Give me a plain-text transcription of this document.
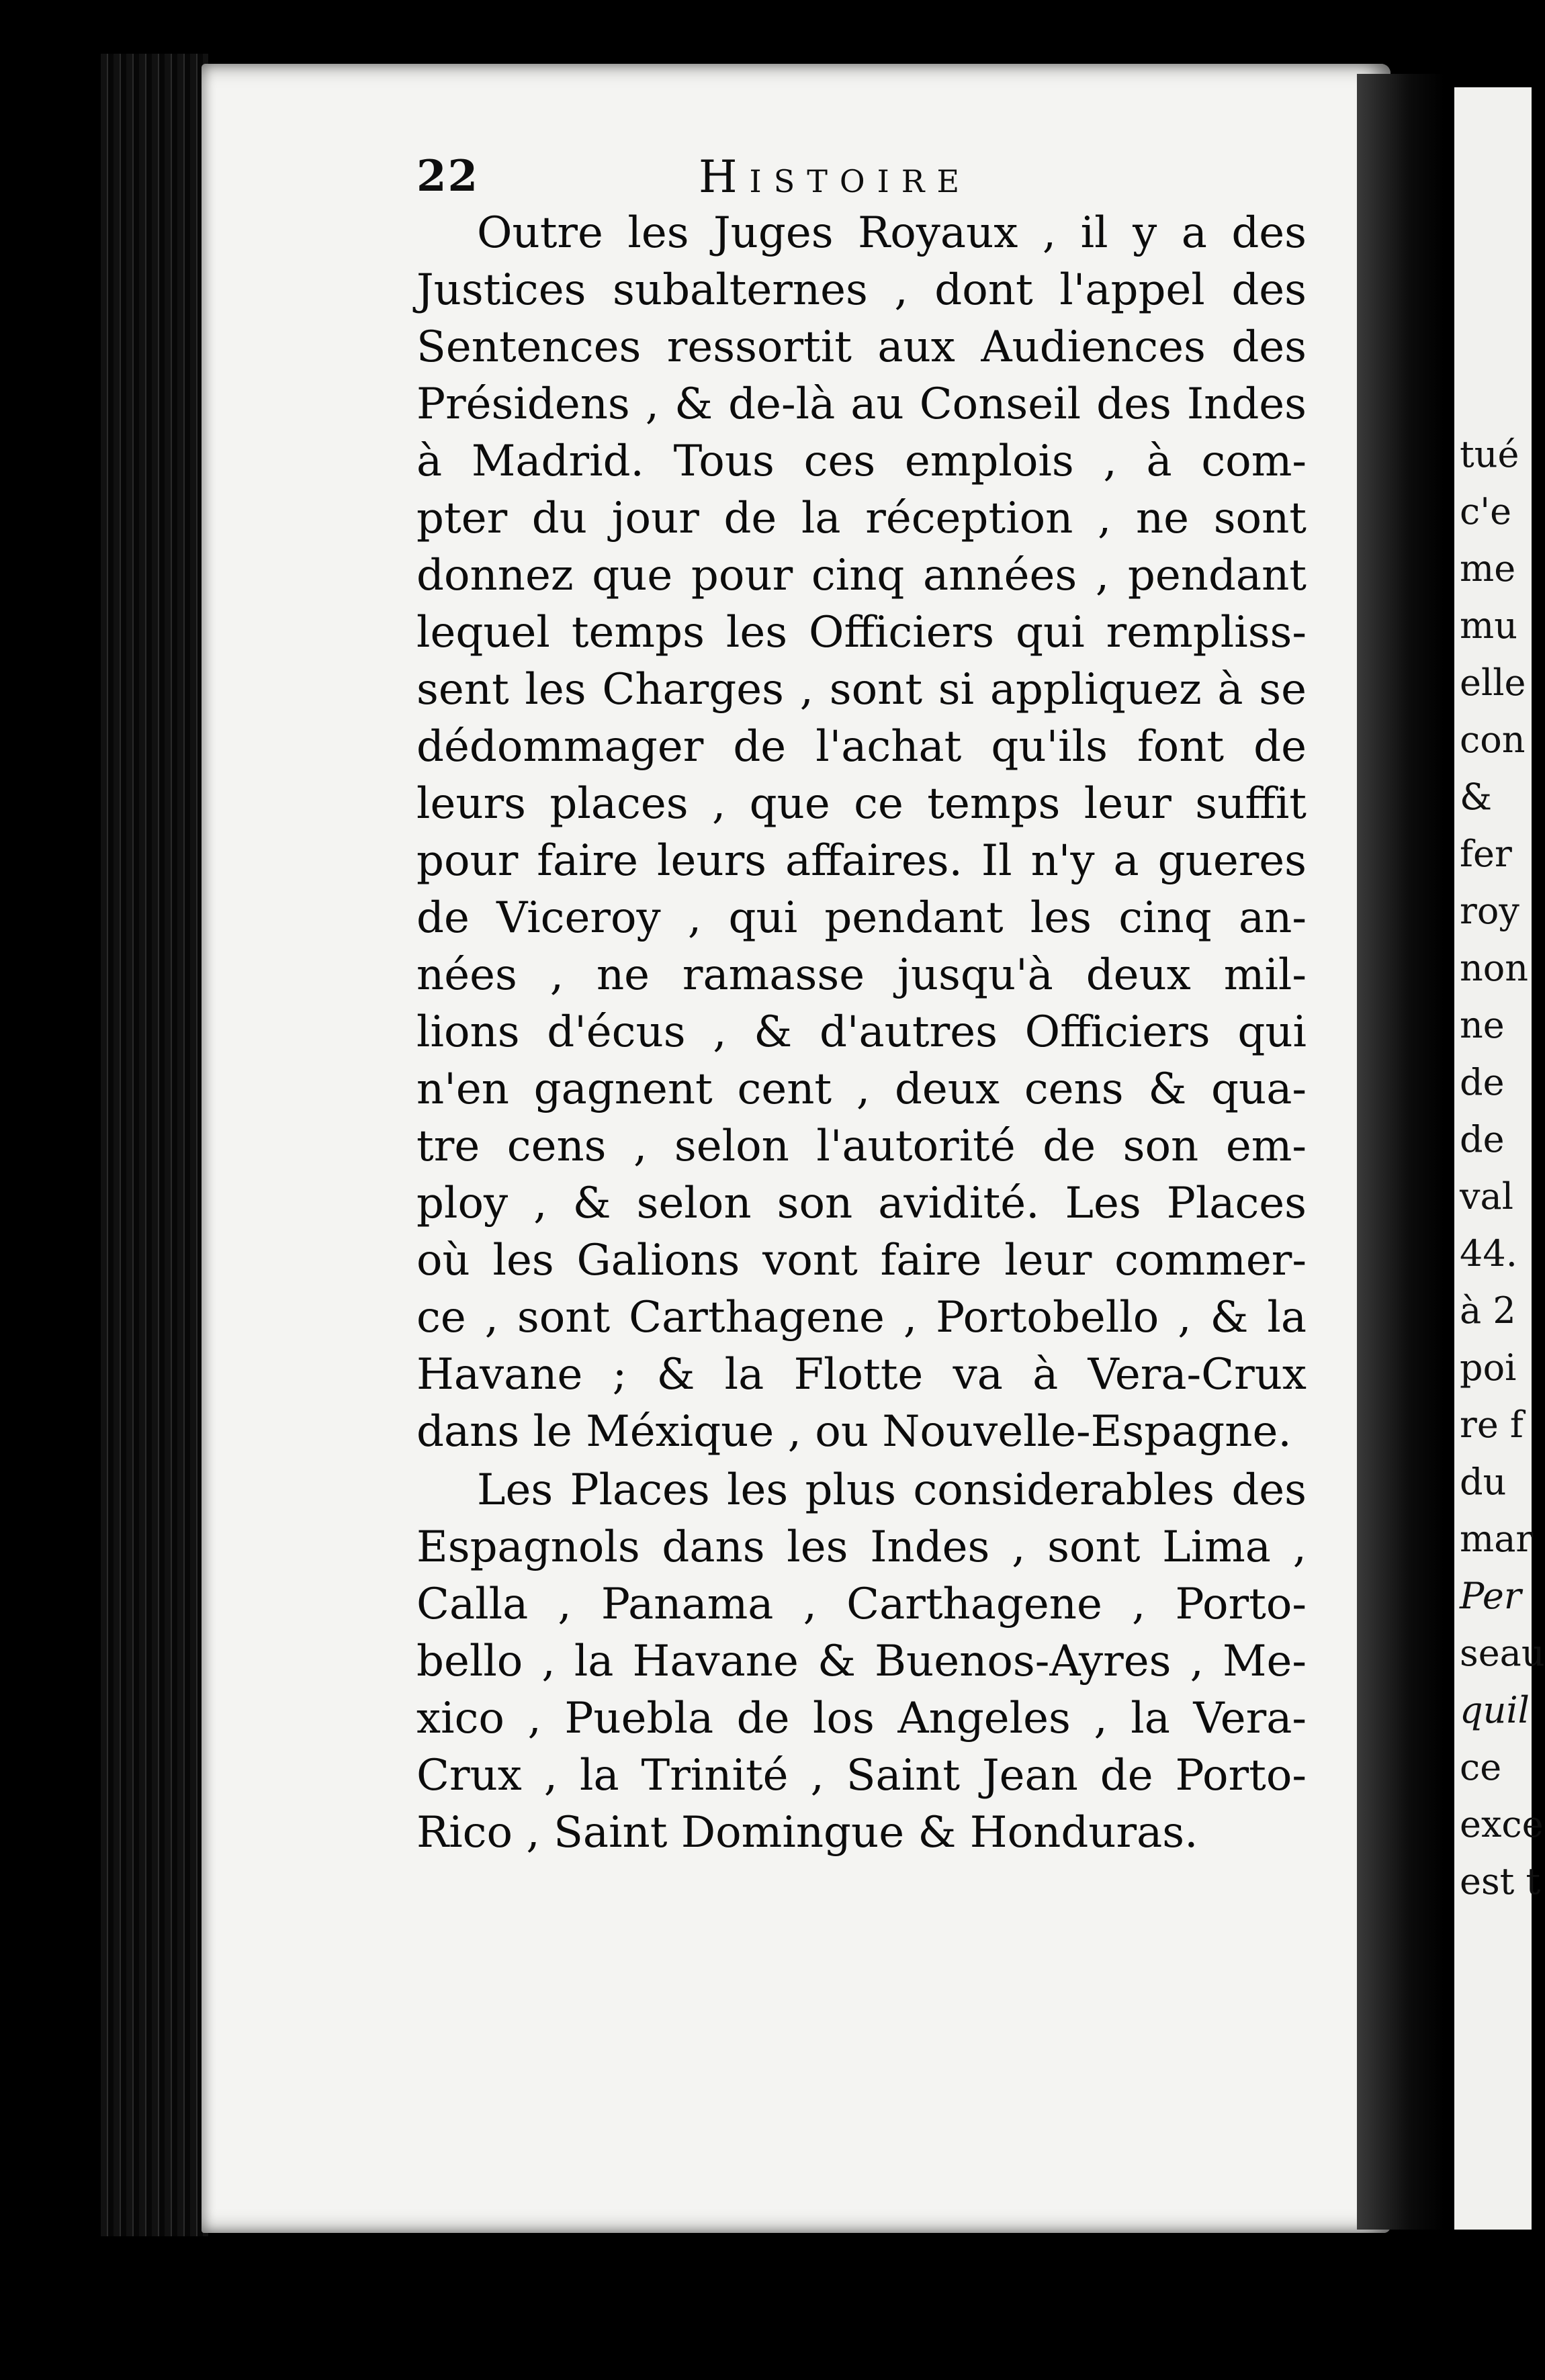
22	Histoire
Outre les Juges Royaux , il y a des
Justices subalternes , dont l'appel des
Sentences ressortit aux Audiences des
Présidens , & de-là au Conseil des Indes
à Madrid. Tous ces emplois , à com-
pter du jour de la réception , ne sont
donnez que pour cinq années , pendant
lequel temps les Officiers qui rempliss-
sent les Charges , sont si appliquez à se
dédommager de l'achat qu'ils font de
leurs places , que ce temps leur suffit
pour faire leurs affaires. Il n'y a gueres
de Viceroy , qui pendant les cinq an-
nées , ne ramasse jusqu'à deux mil-
lions d'écus , & d'autres Officiers qui
n'en gagnent cent , deux cens & qua-
tre cens , selon l'autorité de son em-
ploy , & selon son avidité. Les Places
où les Galions vont faire leur commer-
ce , sont Carthagene , Portobello , & la
Havane ; & la Flotte va à Vera-Crux
dans le Méxique , ou Nouvelle-Espagne.
Les Places les plus considerables des
Espagnols dans les Indes , sont Lima ,
Calla , Panama , Carthagene , Porto-
bello , la Havane & Buenos-Ayres , Me-
xico , Puebla de los Angeles , la Vera-
Crux , la Trinité , Saint Jean de Porto-
Rico , Saint Domingue & Honduras.
tué
c'e
me
mu
elle
con
&
fer
roy
non
ne
de
de
val
44.
à 2
poi
re f
du
mar
Per
seau
quil
ce
exce
est t
